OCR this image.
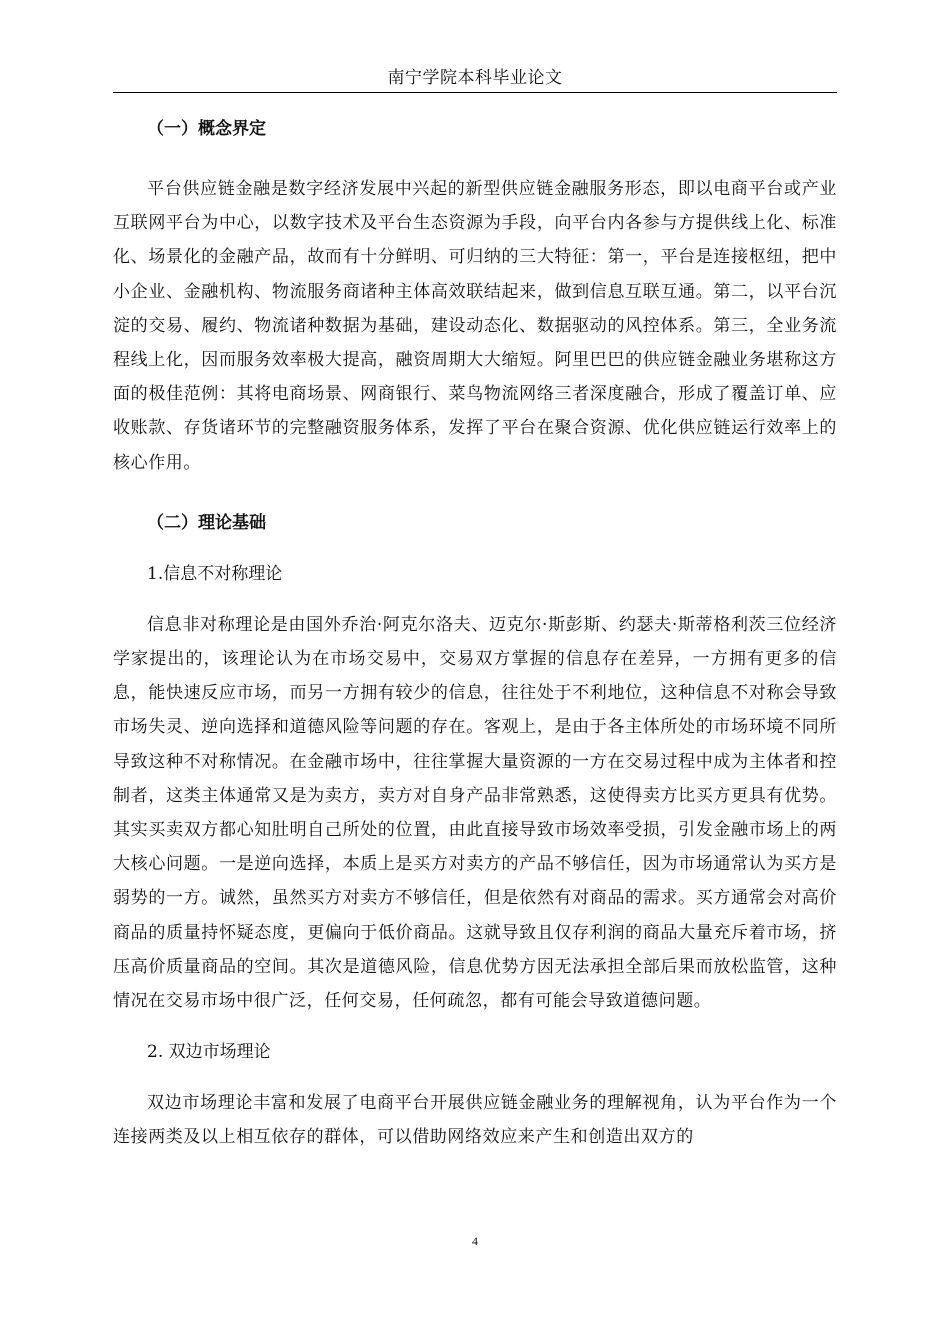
南宁学院本科毕业论文
（一）概念界定

平台供应链金融是数字经济发展中兴起的新型供应链金融服务形态，即以电商平台或产业互联网平台为中心，以数字技术及平台生态资源为手段，向平台内各参与方提供线上化、标准化、场景化的金融产品，故而有十分鲜明、可归纳的三大特征：第一，平台是连接枢纽，把中小企业、金融机构、物流服务商诸种主体高效联结起来，做到信息互联互通。第二，以平台沉淀的交易、履约、物流诸种数据为基础，建设动态化、数据驱动的风控体系。第三，全业务流程线上化，因而服务效率极大提高，融资周期大大缩短。阿里巴巴的供应链金融业务堪称这方面的极佳范例：其将电商场景、网商银行、菜鸟物流网络三者深度融合，形成了覆盖订单、应收账款、存货诸环节的完整融资服务体系，发挥了平台在聚合资源、优化供应链运行效率上的核心作用。

（二）理论基础
1.信息不对称理论

信息非对称理论是由国外乔治·阿克尔洛夫、迈克尔·斯彭斯、约瑟夫·斯蒂格利茨三位经济学家提出的，该理论认为在市场交易中，交易双方掌握的信息存在差异，一方拥有更多的信息，能快速反应市场，而另一方拥有较少的信息，往往处于不利地位，这种信息不对称会导致市场失灵、逆向选择和道德风险等问题的存在。客观上，是由于各主体所处的市场环境不同所导致这种不对称情况。在金融市场中，往往掌握大量资源的一方在交易过程中成为主体者和控制者，这类主体通常又是为卖方，卖方对自身产品非常熟悉，这使得卖方比买方更具有优势。其实买卖双方都心知肚明自己所处的位置，由此直接导致市场效率受损，引发金融市场上的两大核心问题。一是逆向选择，本质上是买方对卖方的产品不够信任，因为市场通常认为买方是弱势的一方。诚然，虽然买方对卖方不够信任，但是依然有对商品的需求。买方通常会对高价商品的质量持怀疑态度，更偏向于低价商品。这就导致且仅存利润的商品大量充斥着市场，挤压高价质量商品的空间。其次是道德风险，信息优势方因无法承担全部后果而放松监管，这种情况在交易市场中很广泛，任何交易，任何疏忽，都有可能会导致道德问题。

2. 双边市场理论

双边市场理论丰富和发展了电商平台开展供应链金融业务的理解视角，认为平台作为一个连接两类及以上相互依存的群体，可以借助网络效应来产生和创造出双方的

4
